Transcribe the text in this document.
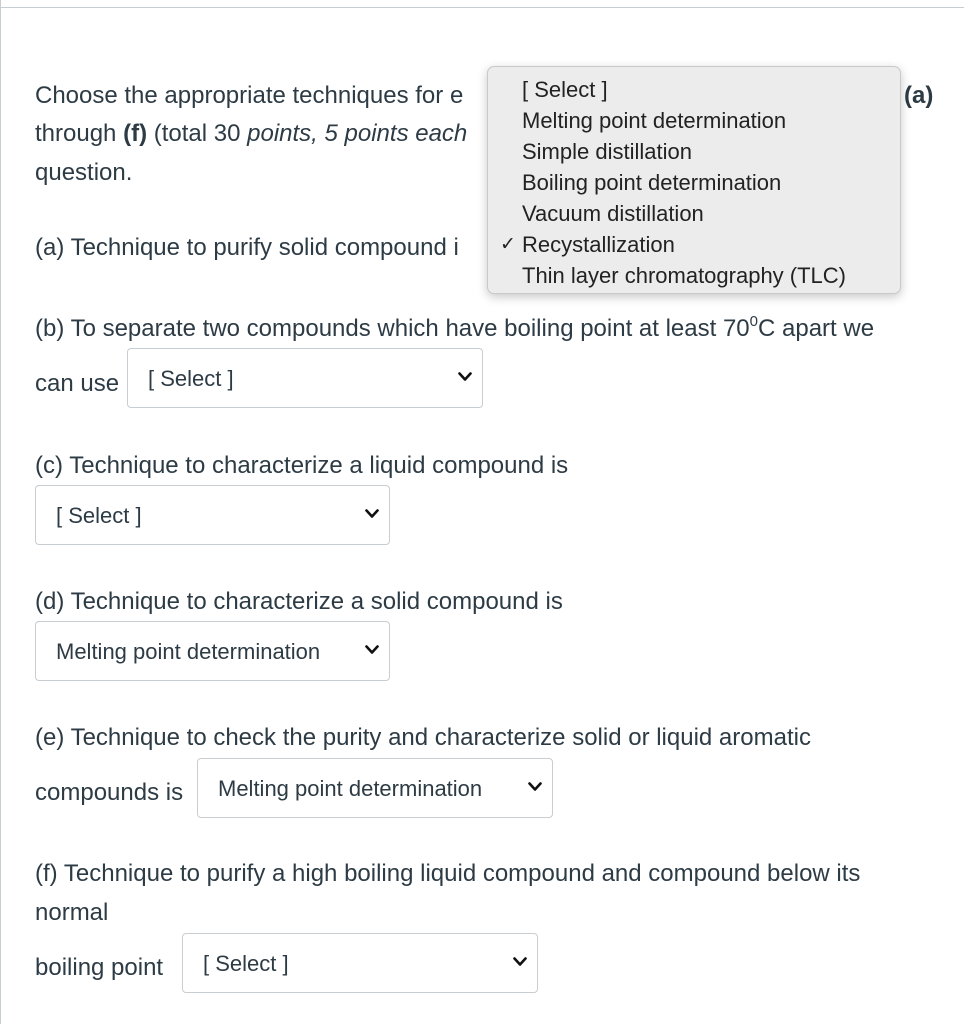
Choose the appropriate techniques for e	(a)

through (f) (total 30 points, 5 points each

question.

(a) Technique to purify solid compound i

(b) To separate two compounds which have boiling point at least $70^0C$ apart we

can use [ Select ]

(c) Technique to characterize a liquid compound is

[ Select ]

(d) Technique to characterize a solid compound is

Melting point determination

(e) Technique to check the purity and characterize solid or liquid aromatic

compounds is Melting point determination

(f) Technique to purify a high boiling liquid compound and compound below its

normal

boiling point [ Select ]
[ Select ]
Melting point determination
Simple distillation
Boiling point determination
Vacuum distillation
✓ Recystallization
Thin layer chromatography (TLC)
